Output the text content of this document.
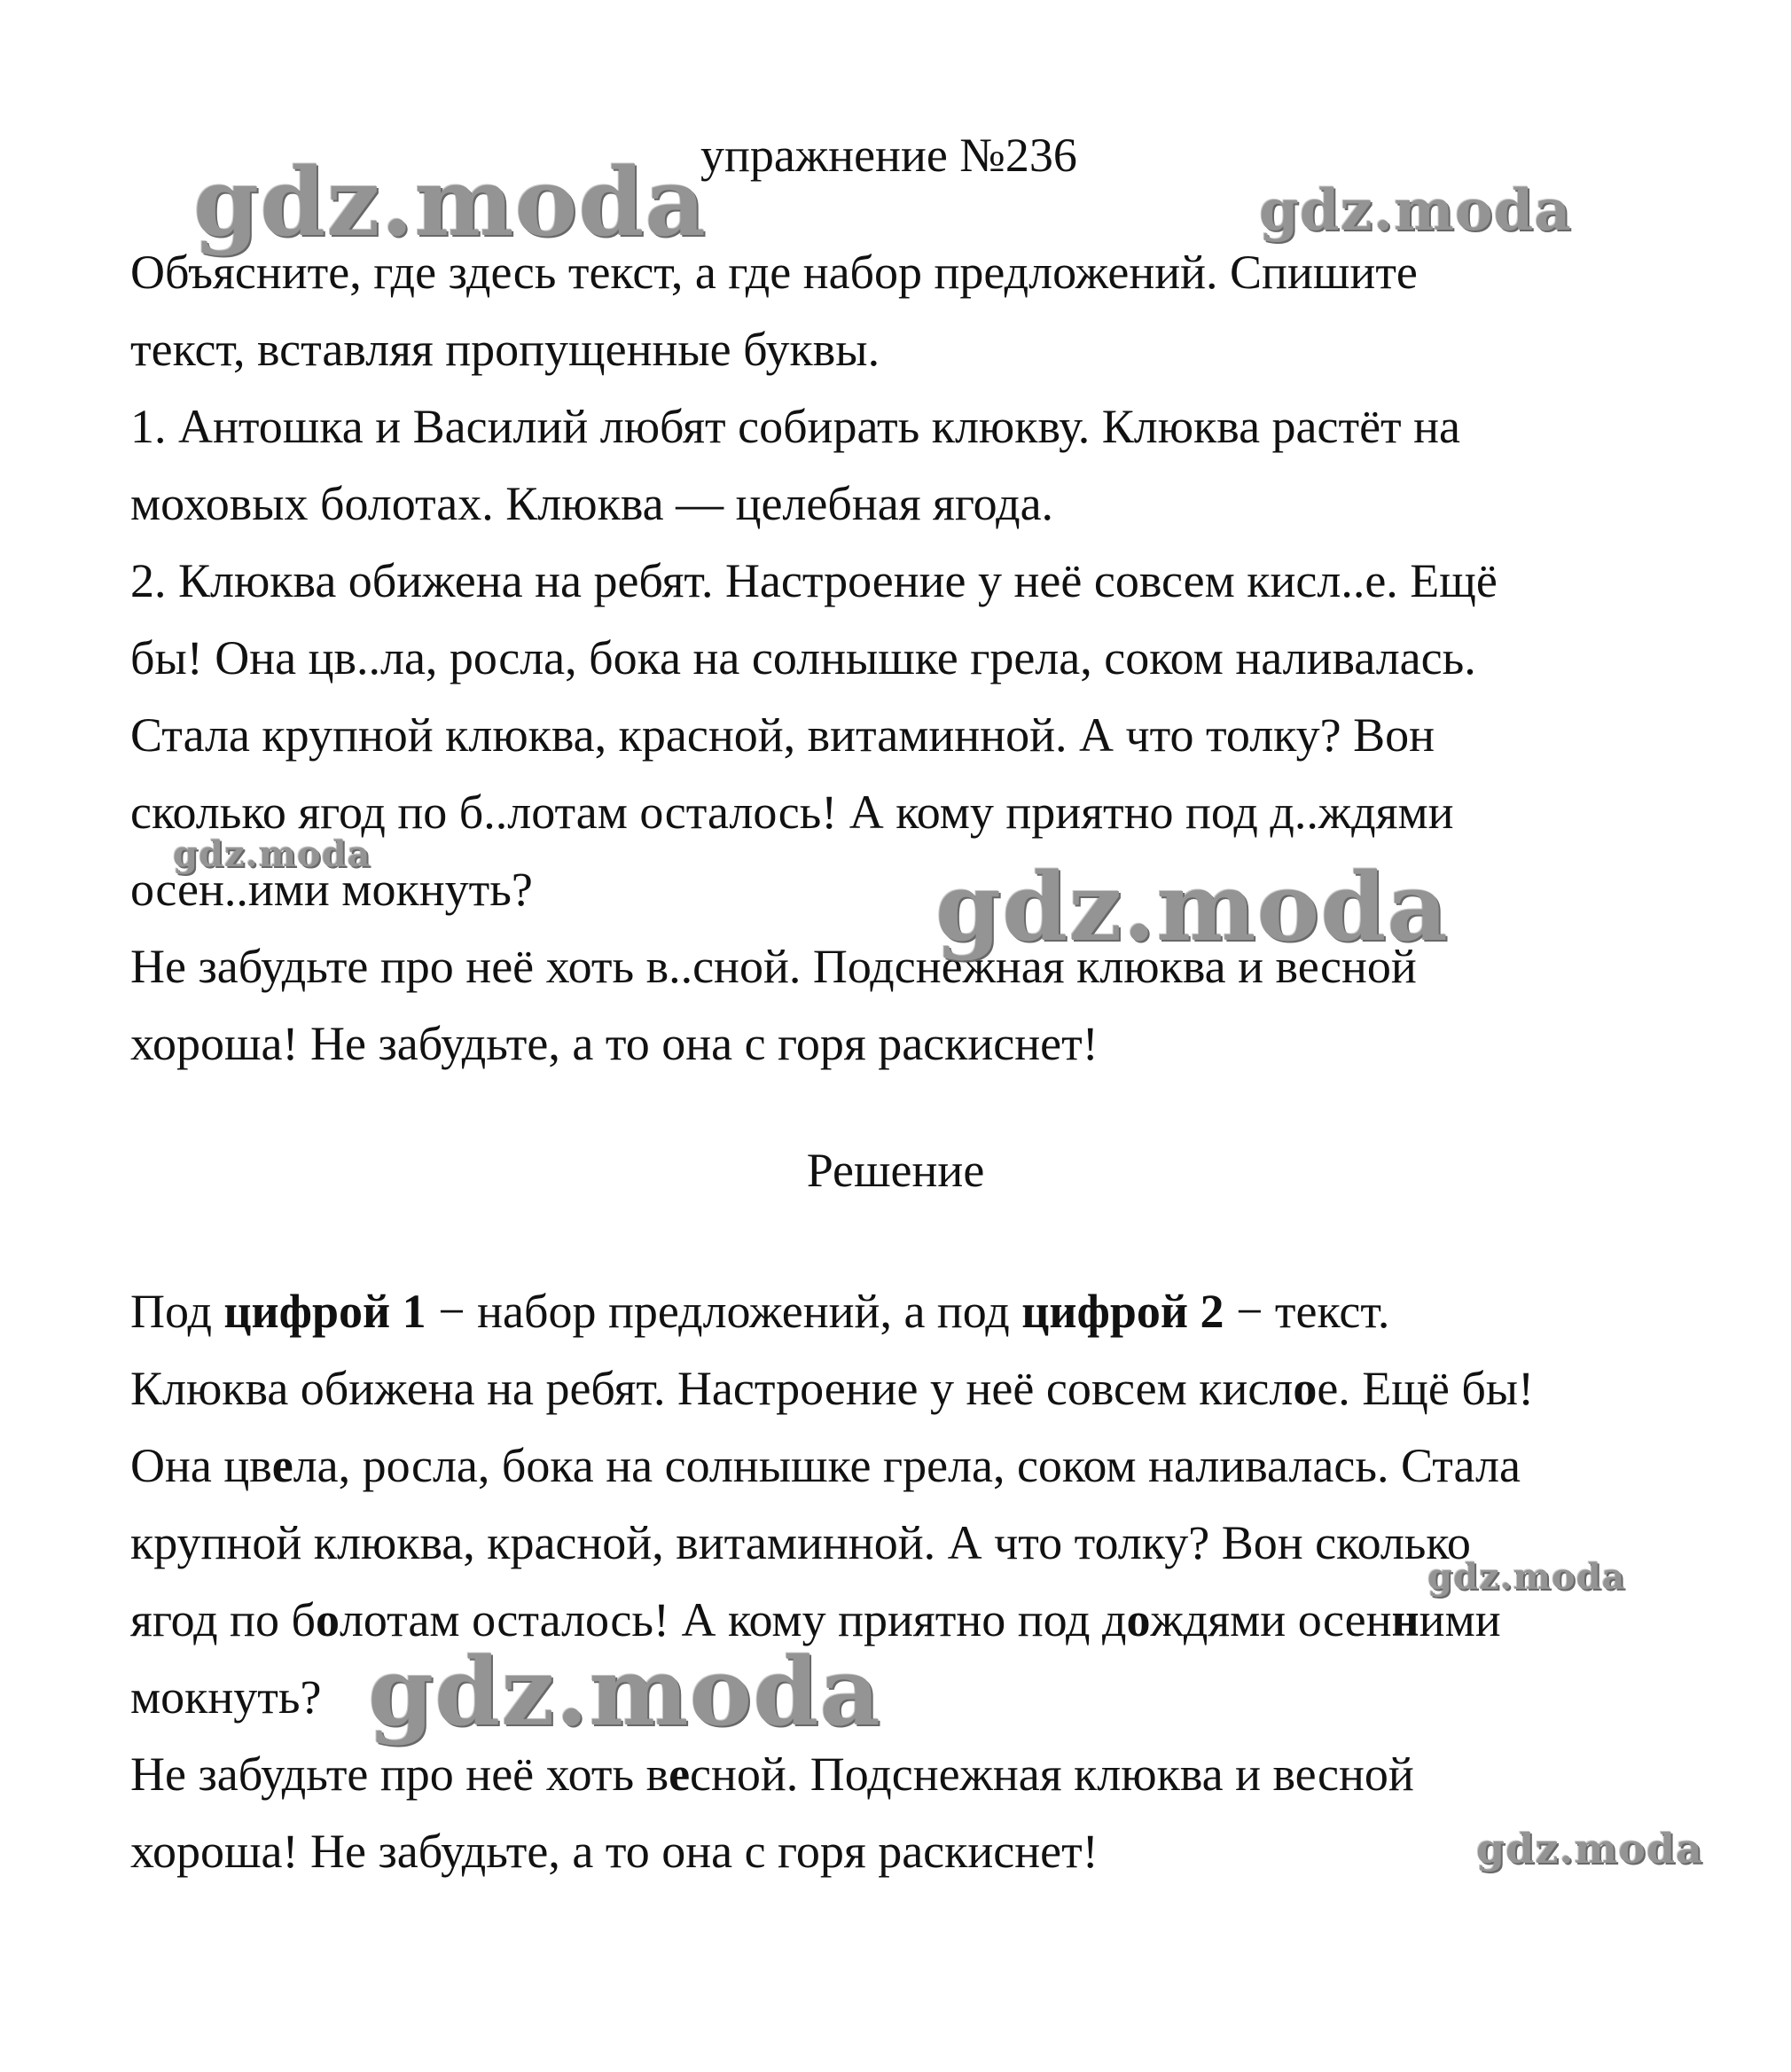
упражнение №236
Объясните, где здесь текст, а где набор предложений. Спишите
текст, вставляя пропущенные буквы.
1. Антошка и Василий любят собирать клюкву. Клюква растёт на
моховых болотах. Клюква — целебная ягода.
2. Клюква обижена на ребят. Настроение у неё совсем кисл..е. Ещё
бы! Она цв..ла, росла, бока на солнышке грела, соком наливалась.
Стала крупной клюква, красной, витаминной. А что толку? Вон
сколько ягод по б..лотам осталось! А кому приятно под д..ждями
осен..ими мокнуть?
Не забудьте про неё хоть в..сной. Подснежная клюква и весной
хороша! Не забудьте, а то она с горя раскиснет!
Решение
Под цифрой 1 − набор предложений, а под цифрой 2 − текст.
Клюква обижена на ребят. Настроение у неё совсем кислое. Ещё бы!
Она цвела, росла, бока на солнышке грела, соком наливалась. Стала
крупной клюква, красной, витаминной. А что толку? Вон сколько
ягод по болотам осталось! А кому приятно под дождями осенними
мокнуть?
Не забудьте про неё хоть весной. Подснежная клюква и весной
хороша! Не забудьте, а то она с горя раскиснет!
gdz.moda	gdz.moda
gdz.moda	gdz.moda
gdz.moda
gdz.moda
gdz.moda
